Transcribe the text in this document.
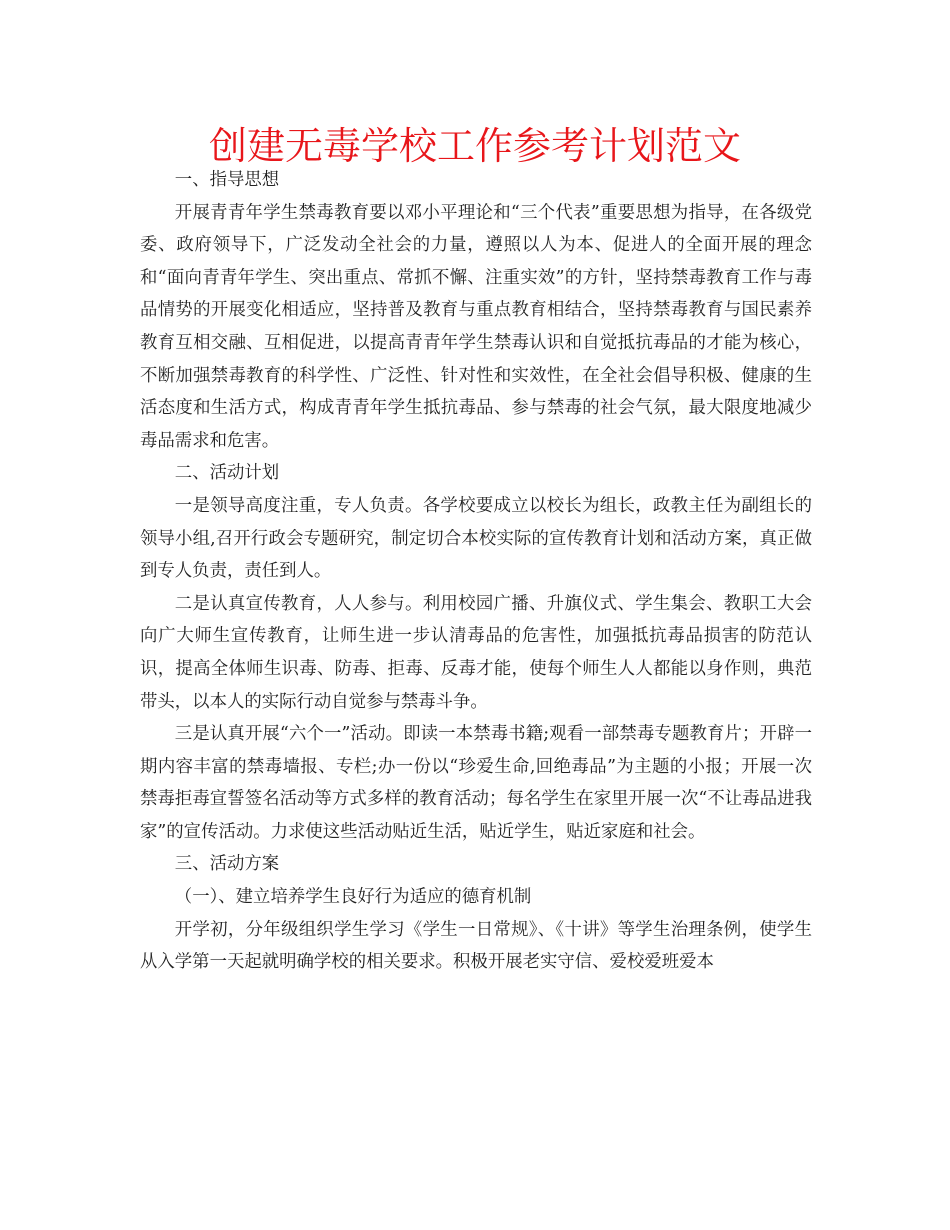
创建无毒学校工作参考计划范文

一、指导思想

开展青青年学生禁毒教育要以邓小平理论和“三个代表”重要思想为指导，在各级党委、政府领导下，广泛发动全社会的力量，遵照以人为本、促进人的全面开展的理念和“面向青青年学生、突出重点、常抓不懈、注重实效”的方针，坚持禁毒教育工作与毒品情势的开展变化相适应，坚持普及教育与重点教育相结合，坚持禁毒教育与国民素养教育互相交融、互相促进，以提高青青年学生禁毒认识和自觉抵抗毒品的才能为核心，不断加强禁毒教育的科学性、广泛性、针对性和实效性，在全社会倡导积极、健康的生活态度和生活方式，构成青青年学生抵抗毒品、参与禁毒的社会气氛，最大限度地减少毒品需求和危害。

二、活动计划

一是领导高度注重，专人负责。各学校要成立以校长为组长，政教主任为副组长的领导小组,召开行政会专题研究，制定切合本校实际的宣传教育计划和活动方案，真正做到专人负责，责任到人。

二是认真宣传教育，人人参与。利用校园广播、升旗仪式、学生集会、教职工大会向广大师生宣传教育，让师生进一步认清毒品的危害性，加强抵抗毒品损害的防范认识，提高全体师生识毒、防毒、拒毒、反毒才能，使每个师生人人都能以身作则，典范带头，以本人的实际行动自觉参与禁毒斗争。

三是认真开展“六个一”活动。即读一本禁毒书籍;观看一部禁毒专题教育片；开辟一期内容丰富的禁毒墙报、专栏;办一份以“珍爱生命,回绝毒品”为主题的小报；开展一次禁毒拒毒宣誓签名活动等方式多样的教育活动；每名学生在家里开展一次“不让毒品进我家”的宣传活动。力求使这些活动贴近生活，贴近学生，贴近家庭和社会。

三、活动方案

（一）、建立培养学生良好行为适应的德育机制

开学初，分年级组织学生学习《学生一日常规》、《十讲》等学生治理条例，使学生从入学第一天起就明确学校的相关要求。积极开展老实守信、爱校爱班爱本
